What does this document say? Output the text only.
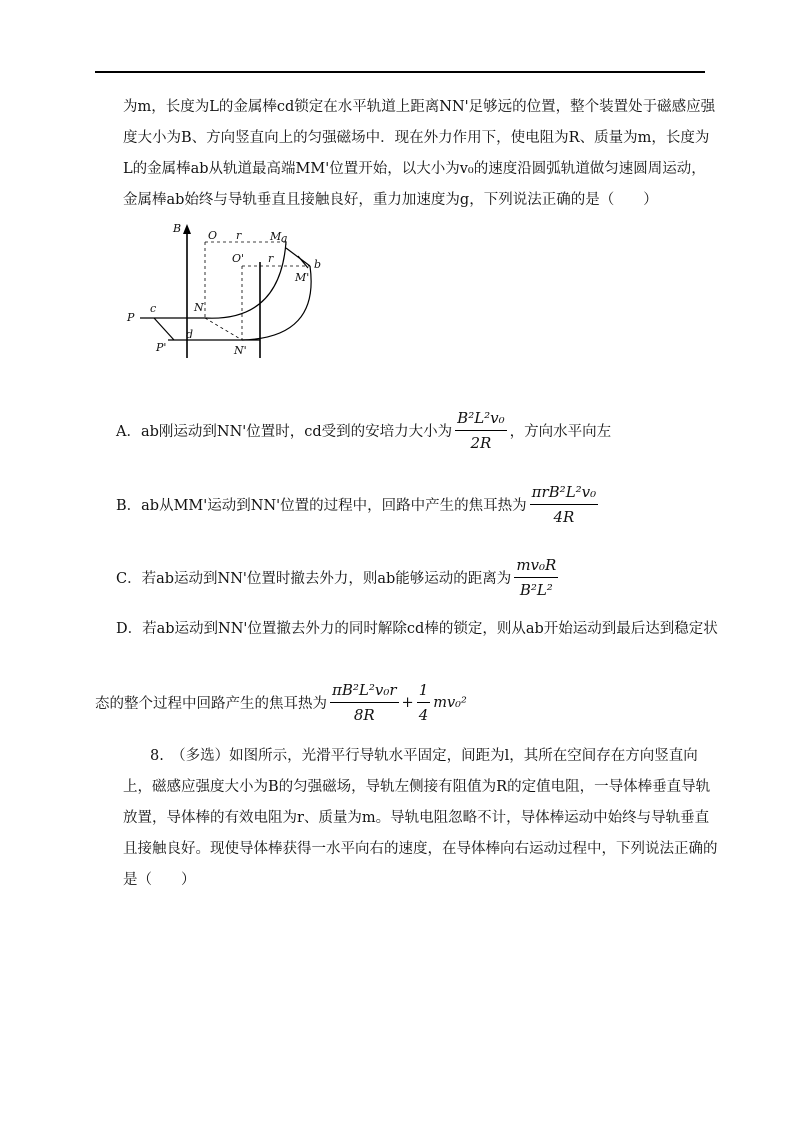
为m，长度为L的金属棒cd锁定在水平轨道上距离NN'足够远的位置，整个装置处于磁感应强
度大小为B、方向竖直向上的匀强磁场中．现在外力作用下，使电阻为R、质量为m，长度为
L的金属棒ab从轨道最高端MM'位置开始，以大小为v₀的速度沿圆弧轨道做匀速圆周运动，
金属棒ab始终与导轨垂直且接触良好，重力加速度为g，下列说法正确的是（　　）
B
O r	M a
O' r	b
M'
N
c
P
d
P'	N'
A．ab刚运动到NN'位置时，cd受到的安培力大小为 $\frac{\text{B²L²v₀}}{2R}$ ，方向水平向左
B．ab从MM'运动到NN'位置的过程中，回路中产生的焦耳热为 $\frac{\text{πrB²L²v₀}}{4R}$
C．若ab运动到NN'位置时撤去外力，则ab能够运动的距离为 $\frac{\text{mv₀R}}{\text{B²L²}}$
D．若ab运动到NN'位置撤去外力的同时解除cd棒的锁定，则从ab开始运动到最后达到稳定状
态的整个过程中回路产生的焦耳热为 $\frac{\text{πB²L²v₀r}}{8R} + \frac{1}{4} mv_0^2$
8.　（多选）如图所示，光滑平行导轨水平固定，间距为l，其所在空间存在方向竖直向
上，磁感应强度大小为B的匀强磁场，导轨左侧接有阻值为R的定值电阻，一导体棒垂直导轨
放置，导体棒的有效电阻为r、质量为m。导轨电阻忽略不计，导体棒运动中始终与导轨垂直
且接触良好。现使导体棒获得一水平向右的速度，在导体棒向右运动过程中，下列说法正确的
是（　　）
